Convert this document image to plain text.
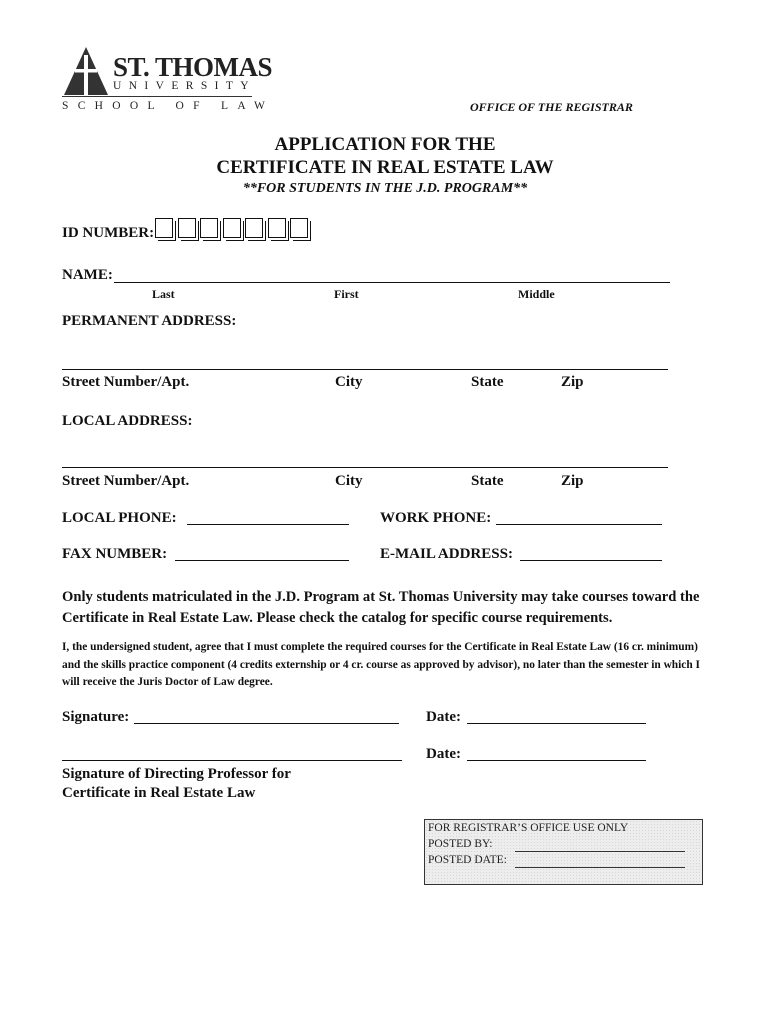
ST. THOMAS
UNIVERSITY
SCHOOL OF LAW	OFFICE OF THE REGISTRAR
APPLICATION FOR THE
CERTIFICATE IN REAL ESTATE LAW
**FOR STUDENTS IN THE J.D. PROGRAM**
ID NUMBER:
NAME:
Last	First	Middle
PERMANENT ADDRESS:
Street Number/Apt.	City	State	Zip
LOCAL ADDRESS:
Street Number/Apt.	City	State	Zip
LOCAL PHONE:	WORK PHONE:
FAX NUMBER:	E-MAIL ADDRESS:
Only students matriculated in the J.D. Program at St. Thomas University may take courses toward the Certificate in Real Estate Law. Please check the catalog for specific course requirements.
I, the undersigned student, agree that I must complete the required courses for the Certificate in Real Estate Law (16 cr. minimum) and the skills practice component (4 credits externship or 4 cr. course as approved by advisor), no later than the semester in which I will receive the Juris Doctor of Law degree.
Signature:	Date:
Date:
Signature of Directing Professor for
Certificate in Real Estate Law
FOR REGISTRAR’S OFFICE USE ONLY
POSTED BY:
POSTED DATE:
